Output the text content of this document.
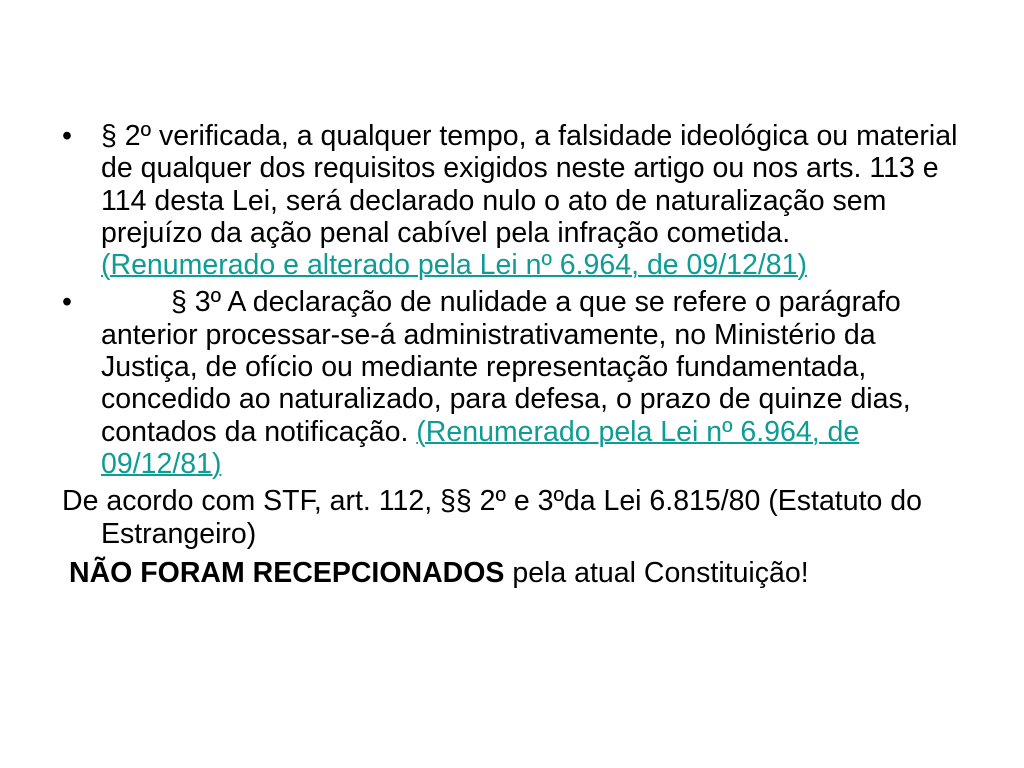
• § 2º verificada, a qualquer tempo, a falsidade ideológica ou material de qualquer dos requisitos exigidos neste artigo ou nos arts. 113 e 114 desta Lei, será declarado nulo o ato de naturalização sem prejuízo da ação penal cabível pela infração cometida. (Renumerado e alterado pela Lei nº 6.964, de 09/12/81)
•	§ 3º A declaração de nulidade a que se refere o parágrafo anterior processar-se-á administrativamente, no Ministério da Justiça, de ofício ou mediante representação fundamentada, concedido ao naturalizado, para defesa, o prazo de quinze dias, contados da notificação. (Renumerado pela Lei nº 6.964, de 09/12/81)
De acordo com STF, art. 112, §§ 2º e 3ºda Lei 6.815/80 (Estatuto do Estrangeiro)
NÃO FORAM RECEPCIONADOS pela atual Constituição!
